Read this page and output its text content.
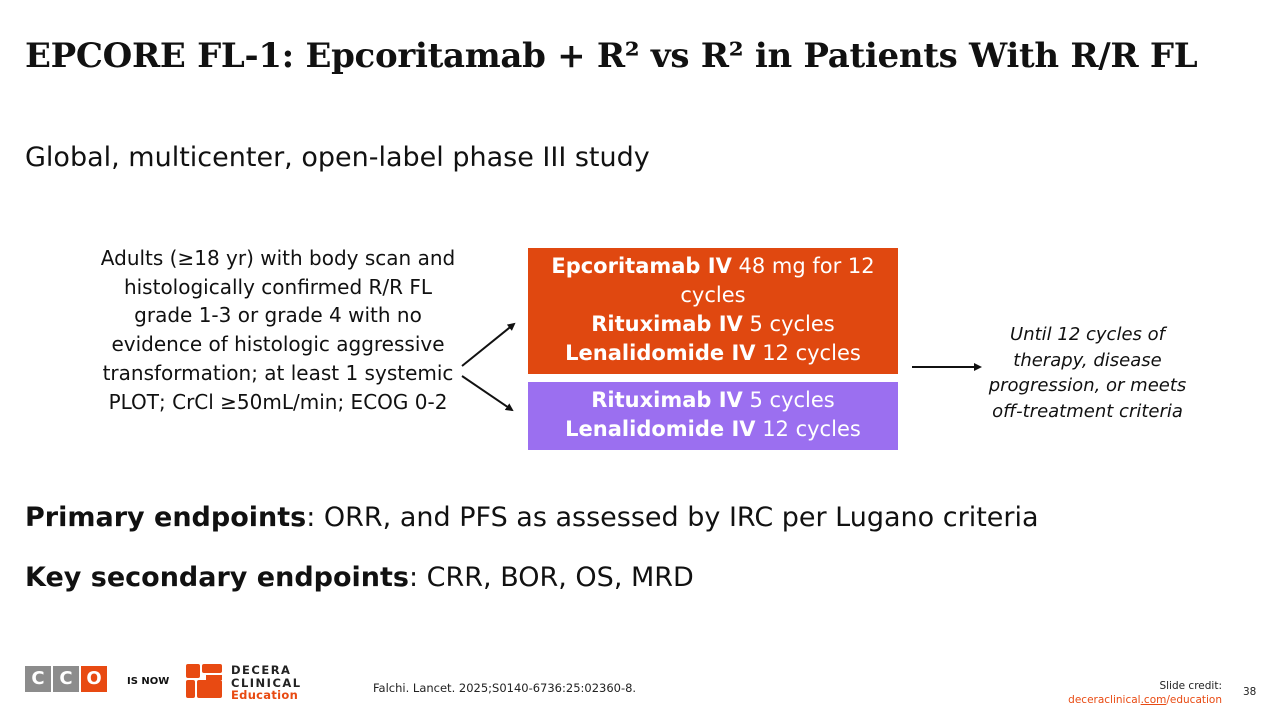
EPCORE FL-1: Epcoritamab + R² vs R² in Patients With R/R FL
Global, multicenter, open-label phase III study
Adults (≥18 yr) with body scan and histologically confirmed R/R FL grade 1-3 or grade 4 with no evidence of histologic aggressive transformation; at least 1 systemic PLOT; CrCl ≥50mL/min; ECOG 0-2
Epcoritamab IV 48 mg for 12 cycles
Rituximab IV 5 cycles
Lenalidomide IV 12 cycles
Rituximab IV 5 cycles
Lenalidomide IV 12 cycles
Until 12 cycles of therapy, disease progression, or meets off-treatment criteria
Primary endpoints: ORR, and PFS as assessed by IRC per Lugano criteria
Key secondary endpoints: CRR, BOR, OS, MRD
C C O	IS NOW
DECERA
CLINICAL
Education	Falchi. Lancet. 2025;S0140-6736:25:02360-8.	Slide credit:
deceraclinical.com/education
38
